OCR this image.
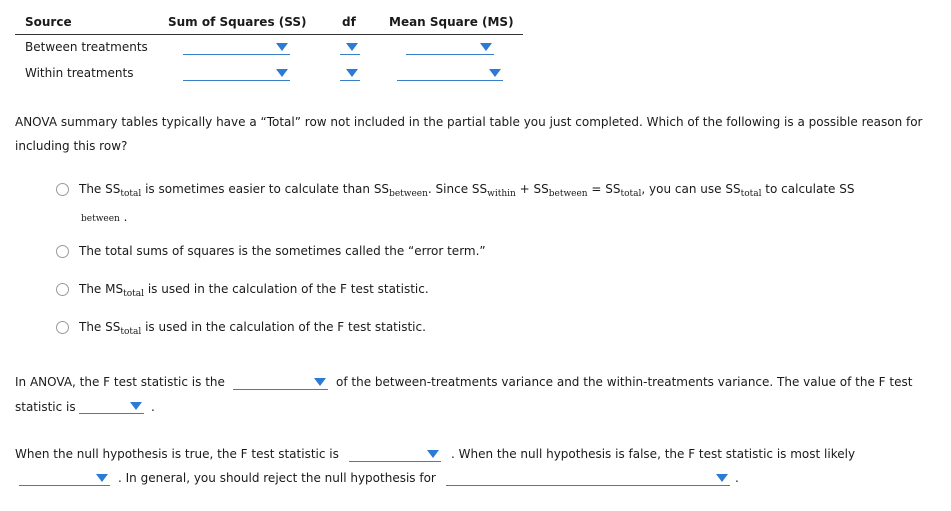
Source	Sum of Squares (SS)	df	Mean Square (MS)
Between treatments
Within treatments
ANOVA summary tables typically have a “Total” row not included in the partial table you just completed. Which of the following is a possible reason for
including this row?
The $SS_{total}$ is sometimes easier to calculate than $SS_{between}$. Since $SS_{within} + SS_{between} = SS_{total}$, you can use $SS_{total}$ to calculate SS
between .
The total sums of squares is the sometimes called the “error term.”
The $MS_{total}$ is used in the calculation of the F test statistic.
The $SS_{total}$ is used in the calculation of the F test statistic.
In ANOVA, the F test statistic is the	of the between-treatments variance and the within-treatments variance. The value of the F test
statistic is	.
When the null hypothesis is true, the F test statistic is	. When the null hypothesis is false, the F test statistic is most likely
. In general, you should reject the null hypothesis for	.
